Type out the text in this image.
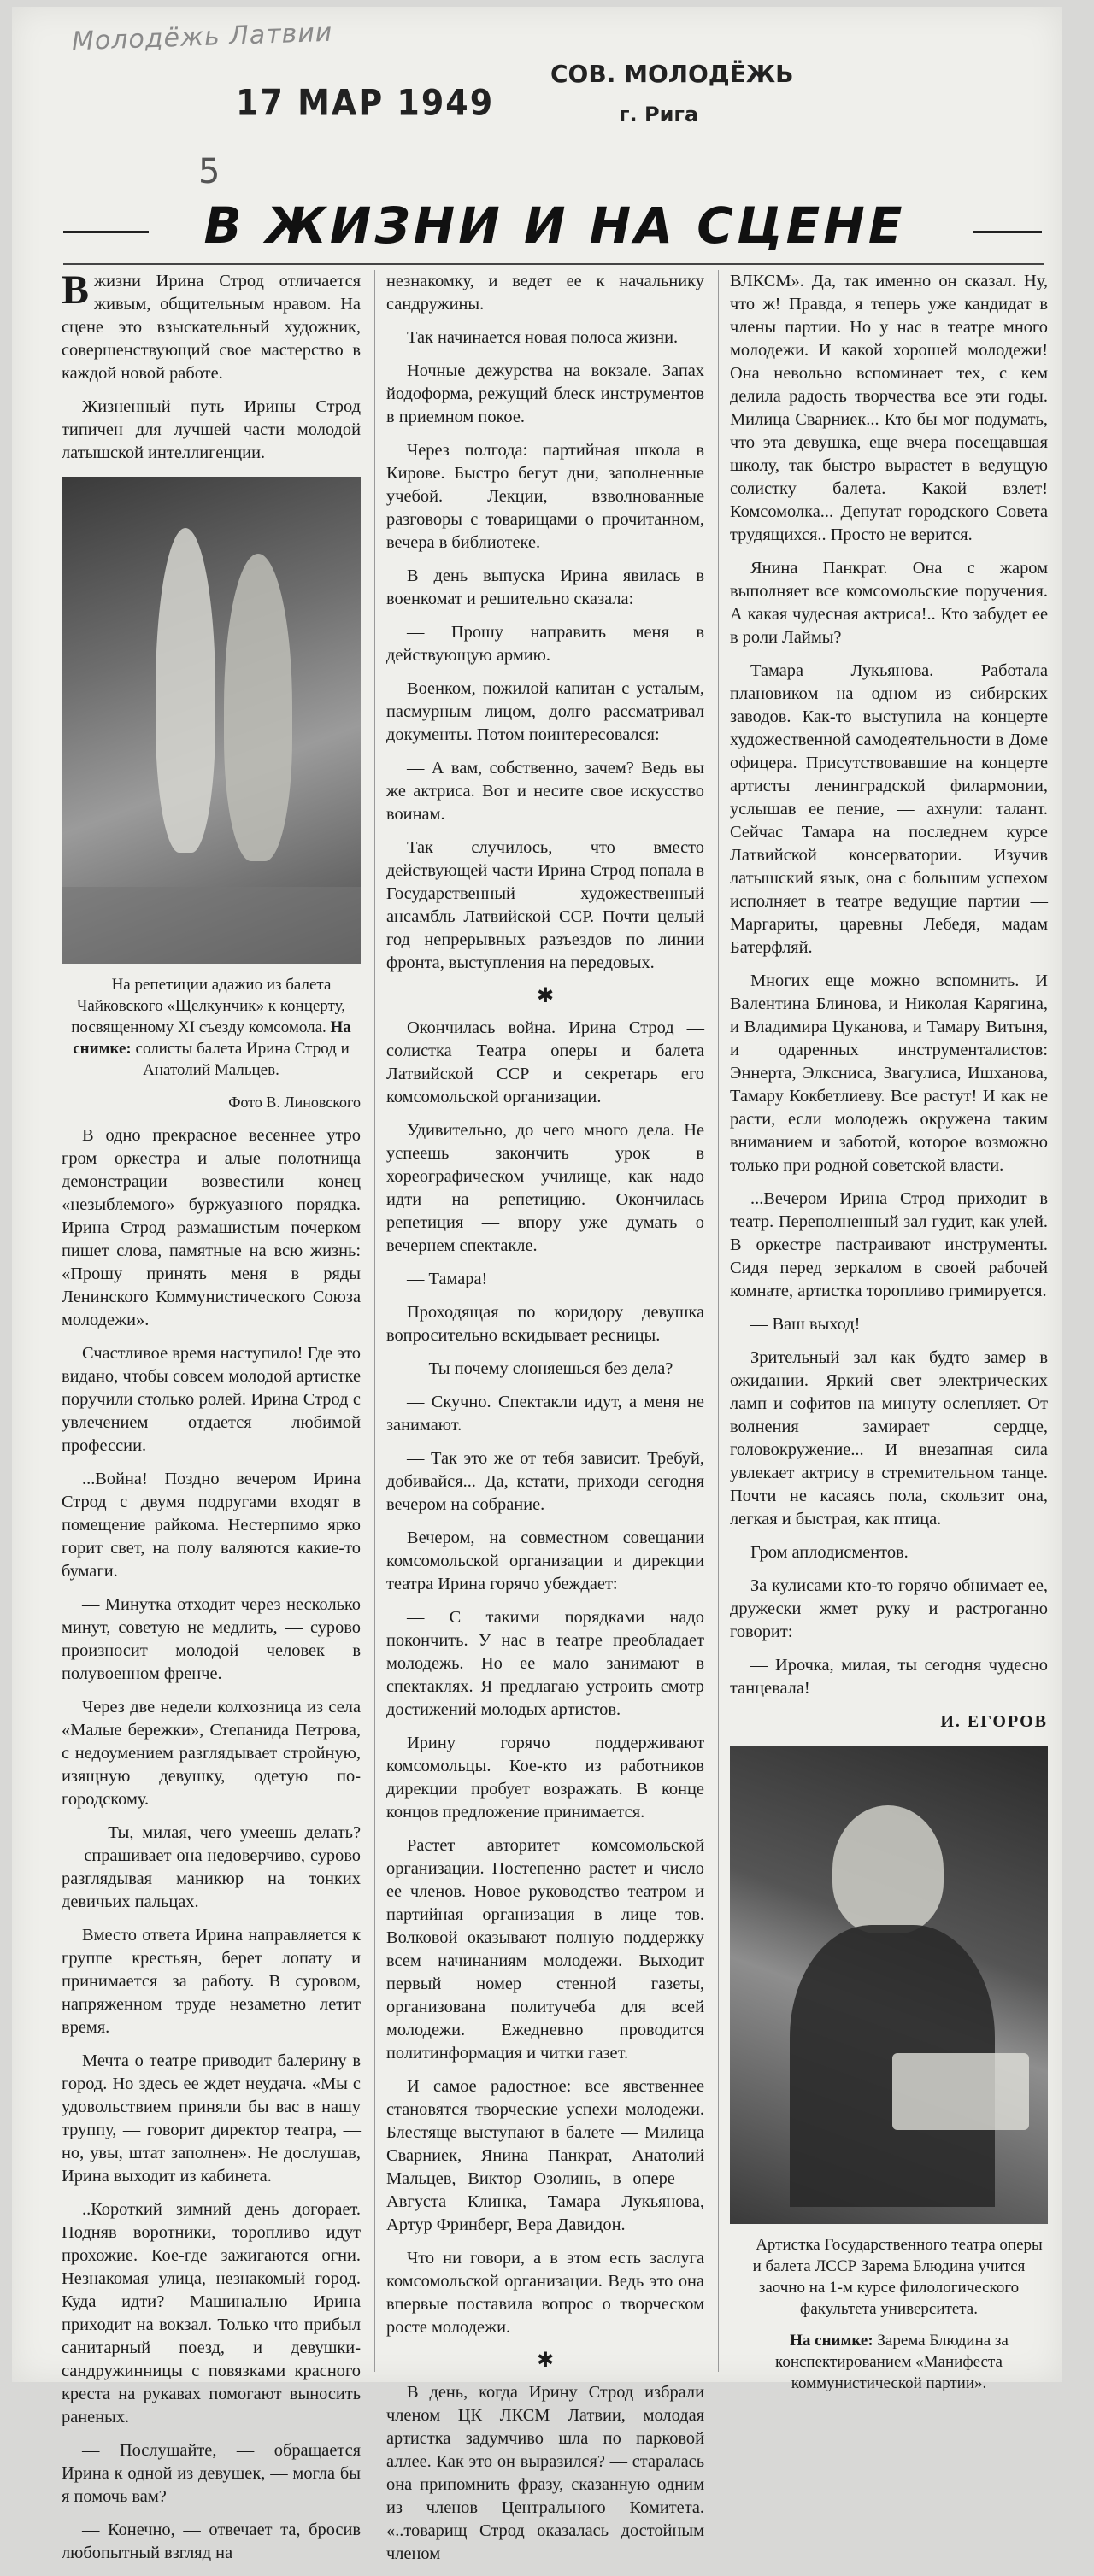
Молодёжь Латвии
17 МАР 1949
СОВ. МОЛОДЁЖЬ
г. Рига
5
В ЖИЗНИ И НА СЦЕНЕ

Вжизни Ирина Строд отличается живым, общительным нравом. На сцене это взыскательный художник, совершенствующий свое мастерство в каждой новой работе.

Жизненный путь Ирины Строд типичен для лучшей части молодой латышской интеллигенции.

На репетиции адажио из балета Чайковского «Щелкунчик» к концерту, посвященному XI съезду комсомола. На снимке: солисты балета Ирина Строд и Анатолий Мальцев.

Фото В. Линовского

В одно прекрасное весеннее утро гром оркестра и алые полотнища демонстрации возвестили конец «незыблемого» буржуазного порядка. Ирина Строд размашистым почерком пишет слова, памятные на всю жизнь: «Прошу принять меня в ряды Ленинского Коммунистического Союза молодежи».

Счастливое время наступило! Где это видано, чтобы совсем молодой артистке поручили столько ролей. Ирина Строд с увлечением отдается любимой профессии.

...Война! Поздно вечером Ирина Строд с двумя подругами входят в помещение райкома. Нестерпимо ярко горит свет, на полу валяются какие-то бумаги.

— Минутка отходит через несколько минут, советую не медлить, — сурово произносит молодой человек в полувоенном френче.

Через две недели колхозница из села «Малые бережки», Степанида Петрова, с недоумением разглядывает стройную, изящную девушку, одетую по-городскому.

— Ты, милая, чего умеешь делать? — спрашивает она недоверчиво, сурово разглядывая маникюр на тонких девичьих пальцах.

Вместо ответа Ирина направляется к группе крестьян, берет лопату и принимается за работу. В суровом, напряженном труде незаметно летит время.

Мечта о театре приводит балерину в город. Но здесь ее ждет неудача. «Мы с удовольствием приняли бы вас в нашу труппу, — говорит директор театра, — но, увы, штат заполнен». Не дослушав, Ирина выходит из кабинета.

..Короткий зимний день догорает. Подняв воротники, торопливо идут прохожие. Кое-где зажигаются огни. Незнакомая улица, незнакомый город. Куда идти? Машинально Ирина приходит на вокзал. Только что прибыл санитарный поезд, и девушки-сандружинницы с повязками красного креста на рукавах помогают выносить раненых.

— Послушайте, — обращается Ирина к одной из девушек, — могла бы я помочь вам?

— Конечно, — отвечает та, бросив любопытный взгляд на

незнакомку, и ведет ее к начальнику сандружины.

Так начинается новая полоса жизни.

Ночные дежурства на вокзале. Запах йодоформа, режущий блеск инструментов в приемном покое.

Через полгода: партийная школа в Кирове. Быстро бегут дни, заполненные учебой. Лекции, взволнованные разговоры с товарищами о прочитанном, вечера в библиотеке.

В день выпуска Ирина явилась в военкомат и решительно сказала:

— Прошу направить меня в действующую армию.

Военком, пожилой капитан с усталым, пасмурным лицом, долго рассматривал документы. Потом поинтересовался:

— А вам, собственно, зачем? Ведь вы же актриса. Вот и несите свое искусство воинам.

Так случилось, что вместо действующей части Ирина Строд попала в Государственный художественный ансамбль Латвийской ССР. Почти целый год непрерывных разъездов по линии фронта, выступления на передовых.

✱

Окончилась война. Ирина Строд — солистка Театра оперы и балета Латвийской ССР и секретарь его комсомольской организации.

Удивительно, до чего много дела. Не успеешь закончить урок в хореографическом училище, как надо идти на репетицию. Окончилась репетиция — впору уже думать о вечернем спектакле.

— Тамара!

Проходящая по коридору девушка вопросительно вскидывает ресницы.

— Ты почему слоняешься без дела?

— Скучно. Спектакли идут, а меня не занимают.

— Так это же от тебя зависит. Требуй, добивайся... Да, кстати, приходи сегодня вечером на собрание.

Вечером, на совместном совещании комсомольской организации и дирекции театра Ирина горячо убеждает:

— С такими порядками надо покончить. У нас в театре преобладает молодежь. Но ее мало занимают в спектаклях. Я предлагаю устроить смотр достижений молодых артистов.

Ирину горячо поддерживают комсомольцы. Кое-кто из работников дирекции пробует возражать. В конце концов предложение принимается.

Растет авторитет комсомольской организации. Постепенно растет и число ее членов. Новое руководство театром и партийная организация в лице тов. Волковой оказывают полную поддержку всем начинаниям молодежи. Выходит первый номер стенной газеты, организована политучеба для всей молодежи. Ежедневно проводится политинформация и читки газет.

И самое радостное: все явственнее становятся творческие успехи молодежи. Блестяще выступают в балете — Милица Сварниек, Янина Панкрат, Анатолий Мальцев, Виктор Озолинь, в опере — Августа Клинка, Тамара Лукьянова, Артур Фринберг, Вера Давидон.

Что ни говори, а в этом есть заслуга комсомольской организации. Ведь это она впервые поставила вопрос о творческом росте молодежи.

✱

В день, когда Ирину Строд избрали членом ЦК ЛКСМ Латвии, молодая артистка задумчиво шла по парковой аллее. Как это он выразился? — старалась она припомнить фразу, сказанную одним из членов Центрального Комитета. «..товарищ Строд оказалась достойным членом

ВЛКСМ». Да, так именно он сказал. Ну, что ж! Правда, я теперь уже кандидат в члены партии. Но у нас в театре много молодежи. И какой хорошей молодежи! Она невольно вспоминает тех, с кем делила радость творчества все эти годы. Милица Сварниек... Кто бы мог подумать, что эта девушка, еще вчера посещавшая школу, так быстро вырастет в ведущую солистку балета. Какой взлет! Комсомолка... Депутат городского Совета трудящихся.. Просто не верится.

Янина Панкрат. Она с жаром выполняет все комсомольские поручения. А какая чудесная актриса!.. Кто забудет ее в роли Лаймы?

Тамара Лукьянова. Работала плановиком на одном из сибирских заводов. Как-то выступила на концерте художественной самодеятельности в Доме офицера. Присутствовавшие на концерте артисты ленинградской филармонии, услышав ее пение, — ахнули: талант. Сейчас Тамара на последнем курсе Латвийской консерватории. Изучив латышский язык, она с большим успехом исполняет в театре ведущие партии — Маргариты, царевны Лебедя, мадам Батерфляй.

Многих еще можно вспомнить. И Валентина Блинова, и Николая Карягина, и Владимира Цуканова, и Тамару Витыня, и одаренных инструменталистов: Эннерта, Элксниса, Звагулиса, Ишханова, Тамару Кокбетлиеву. Все растут! И как не расти, если молодежь окружена таким вниманием и заботой, которое возможно только при родной советской власти.

...Вечером Ирина Строд приходит в театр. Переполненный зал гудит, как улей. В оркестре пастраивают инструменты. Сидя перед зеркалом в своей рабочей комнате, артистка торопливо гримируется.

— Ваш выход!

Зрительный зал как будто замер в ожидании. Яркий свет электрических ламп и софитов на минуту ослепляет. От волнения замирает сердце, головокружение... И внезапная сила увлекает актрису в стремительном танце. Почти не касаясь пола, скользит она, легкая и быстрая, как птица.

Гром аплодисментов.

За кулисами кто-то горячо обнимает ее, дружески жмет руку и растроганно говорит:

— Ирочка, милая, ты сегодня чудесно танцевала!

И. ЕГОРОВ

Артистка Государственного театра оперы и балета ЛССР Зарема Блюдина учится заочно на 1-м курсе филологического факультета университета.

На снимке: Зарема Блюдина за конспектированием «Манифеста коммунистической партии».
